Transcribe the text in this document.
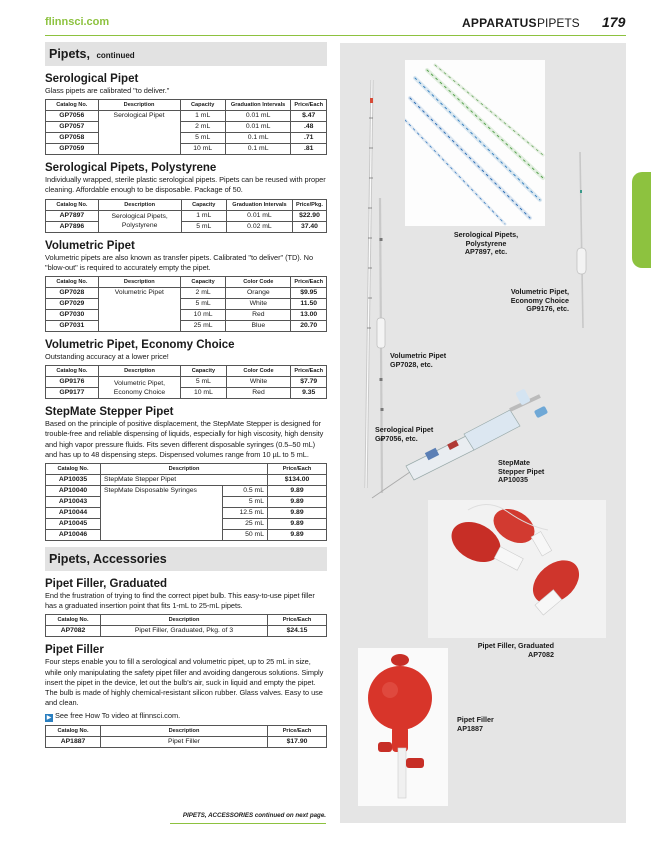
flinnsci.com	APPARATUS PIPETS 179
Pipets, continued
Serological Pipet

Glass pipets are calibrated "to deliver."

Catalog No.	Description	Capacity	Graduation Intervals	Price/Each
GP7056	Serological Pipet	1 mL	0.01 mL	$.47
GP7057		2 mL	0.01 mL	.48
GP7058		5 mL	0.1 mL	.71
GP7059		10 mL	0.1 mL	.81
Serological Pipets, Polystyrene

Individually wrapped, sterile plastic serological pipets. Pipets can be reused with proper cleaning. Affordable enough to be disposable. Package of 50.

Catalog No.	Description	Capacity	Graduation Intervals	Price/Pkg.
AP7897	Serological Pipets, Polystyrene	1 mL	0.01 mL	$22.90
AP7896		5 mL	0.02 mL	37.40
Volumetric Pipet

Volumetric pipets are also known as transfer pipets. Calibrated "to deliver" (TD). No "blow-out" is required to accurately empty the pipet.

Catalog No.	Description	Capacity	Color Code	Price/Each
GP7028	Volumetric Pipet	2 mL	Orange	$9.95
GP7029		5 mL	White	11.50
GP7030		10 mL	Red	13.00
GP7031		25 mL	Blue	20.70
Volumetric Pipet, Economy Choice

Outstanding accuracy at a lower price!

Catalog No.	Description	Capacity	Color Code	Price/Each
GP9176	Volumetric Pipet, Economy Choice	5 mL	White	$7.79
GP9177		10 mL	Red	9.35
StepMate Stepper Pipet

Based on the principle of positive displacement, the StepMate Stepper is designed for trouble-free and reliable dispensing of liquids, especially for high viscosity, high density and high vapor pressure fluids. Fits seven different disposable syringes (0.5–50 mL) and has up to 48 dispensing steps. Dispensed volumes range from 10 µL to 5 mL.

Catalog No.	Description		Price/Each
AP10035	StepMate Stepper Pipet		$134.00
AP10040	StepMate Disposable Syringes	0.5 mL	9.89
AP10043		5 mL	9.89
AP10044		12.5 mL	9.89
AP10045		25 mL	9.89
AP10046		50 mL	9.89
Pipets, Accessories
Pipet Filler, Graduated

End the frustration of trying to find the correct pipet bulb. This easy-to-use pipet filler has a graduated insertion point that fits 1-mL to 25-mL pipets.

Catalog No.	Description	Price/Each
AP7082	Pipet Filler, Graduated, Pkg. of 3	$24.15
Pipet Filler

Four steps enable you to fill a serological and volumetric pipet, up to 25 mL in size, while only manipulating the safety pipet filler and avoiding dangerous solutions. Simply insert the pipet in the device, let out the bulb's air, suck in liquid and empty the pipet. The bulb is made of highly chemical-resistant silicon rubber. Glass valves. Easy to use and clean.

▶ See free How To video at flinnsci.com.
Catalog No.	Description	Price/Each
AP1887	Pipet Filler	$17.90
PIPETS, ACCESSORIES continued on next page.
Serological Pipets,
Polystyrene
AP7897, etc.
Volumetric Pipet,
Economy Choice
GP9176, etc.
Volumetric Pipet
GP7028, etc.
Serological Pipet
GP7056, etc.
StepMate
Stepper Pipet
AP10035
Pipet Filler, Graduated
AP7082
Pipet Filler
AP1887
